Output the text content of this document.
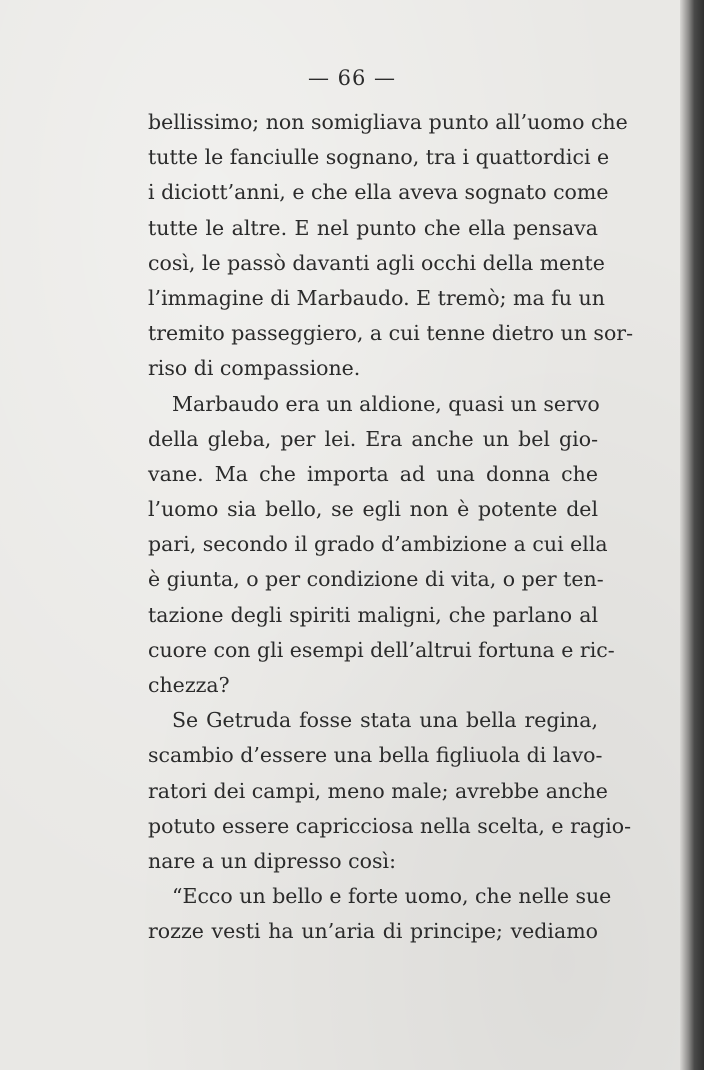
— 66 —
bellissimo; non somigliava punto all’uomo che
tutte le fanciulle sognano, tra i quattordici e
i diciott’anni, e che ella aveva sognato come
tutte le altre. E nel punto che ella pensava
così, le passò davanti agli occhi della mente
l’immagine di Marbaudo. E tremò; ma fu un
tremito passeggiero, a cui tenne dietro un sor-
riso di compassione.
Marbaudo era un aldione, quasi un servo
della gleba, per lei. Era anche un bel gio-
vane. Ma che importa ad una donna che
l’uomo sia bello, se egli non è potente del
pari, secondo il grado d’ambizione a cui ella
è giunta, o per condizione di vita, o per ten-
tazione degli spiriti maligni, che parlano al
cuore con gli esempi dell’altrui fortuna e ric-
chezza?
Se Getruda fosse stata una bella regina,
scambio d’essere una bella figliuola di lavo-
ratori dei campi, meno male; avrebbe anche
potuto essere capricciosa nella scelta, e ragio-
nare a un dipresso così:
“Ecco un bello e forte uomo, che nelle sue
rozze vesti ha un’aria di principe; vediamo
